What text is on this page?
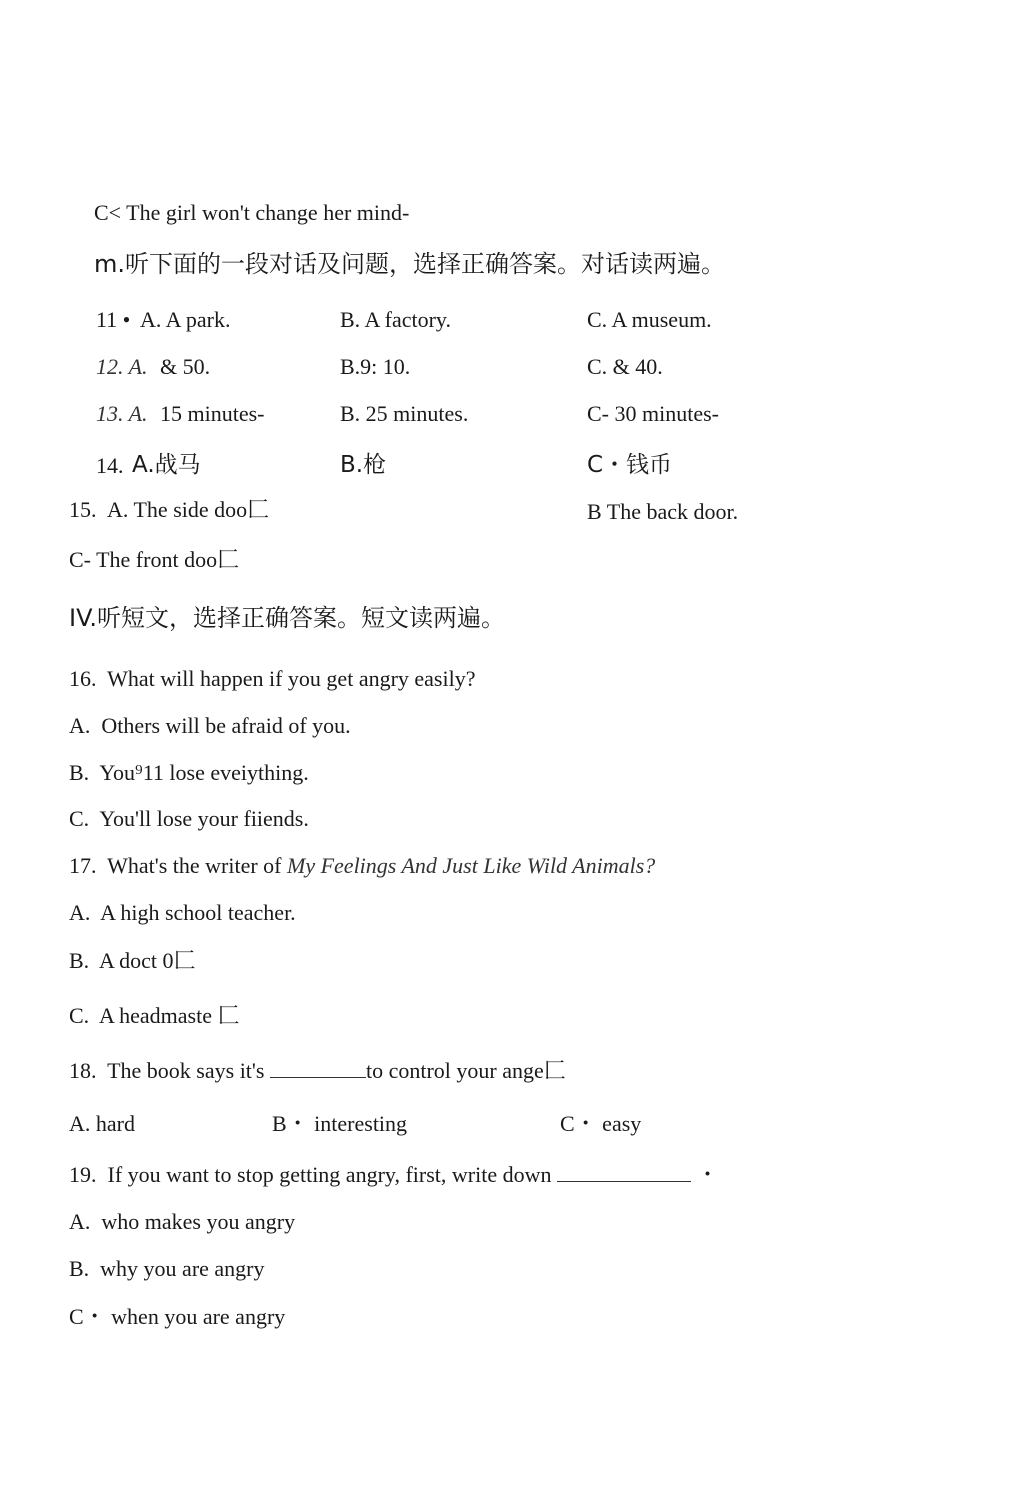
C< The girl won't change her mind-
m.听下面的一段对话及问题，选择正确答案。对话读两遍。
11 • A. A park.	B. A factory.	C. A museum.
12. A. & 50.	B.9: 10.	C. & 40.
13. A. 15 minutes-	B. 25 minutes.	C- 30 minutes-
14. A.战马	B.枪	C・钱币
15. A. The side doo匚	B The back door.
C- The front doo匚
IV.听短文，选择正确答案。短文读两遍。
16.  What will happen if you get angry easily?
A.  Others will be afraid of you.
B.  You⁹11 lose eveiything.
C.  You'll lose your fiiends.
17.  What's the writer of My Feelings And Just Like Wild Animals?
A.  A high school teacher.
B.  A doct 0匚
C.  A headmaste 匚
18.  The book says it's	to control your ange匚
A. hard	B・ interesting	C・ easy
19.  If you want to stop getting angry, first, write down	・
A.  who makes you angry
B.  why you are angry
C・ when you are angry
